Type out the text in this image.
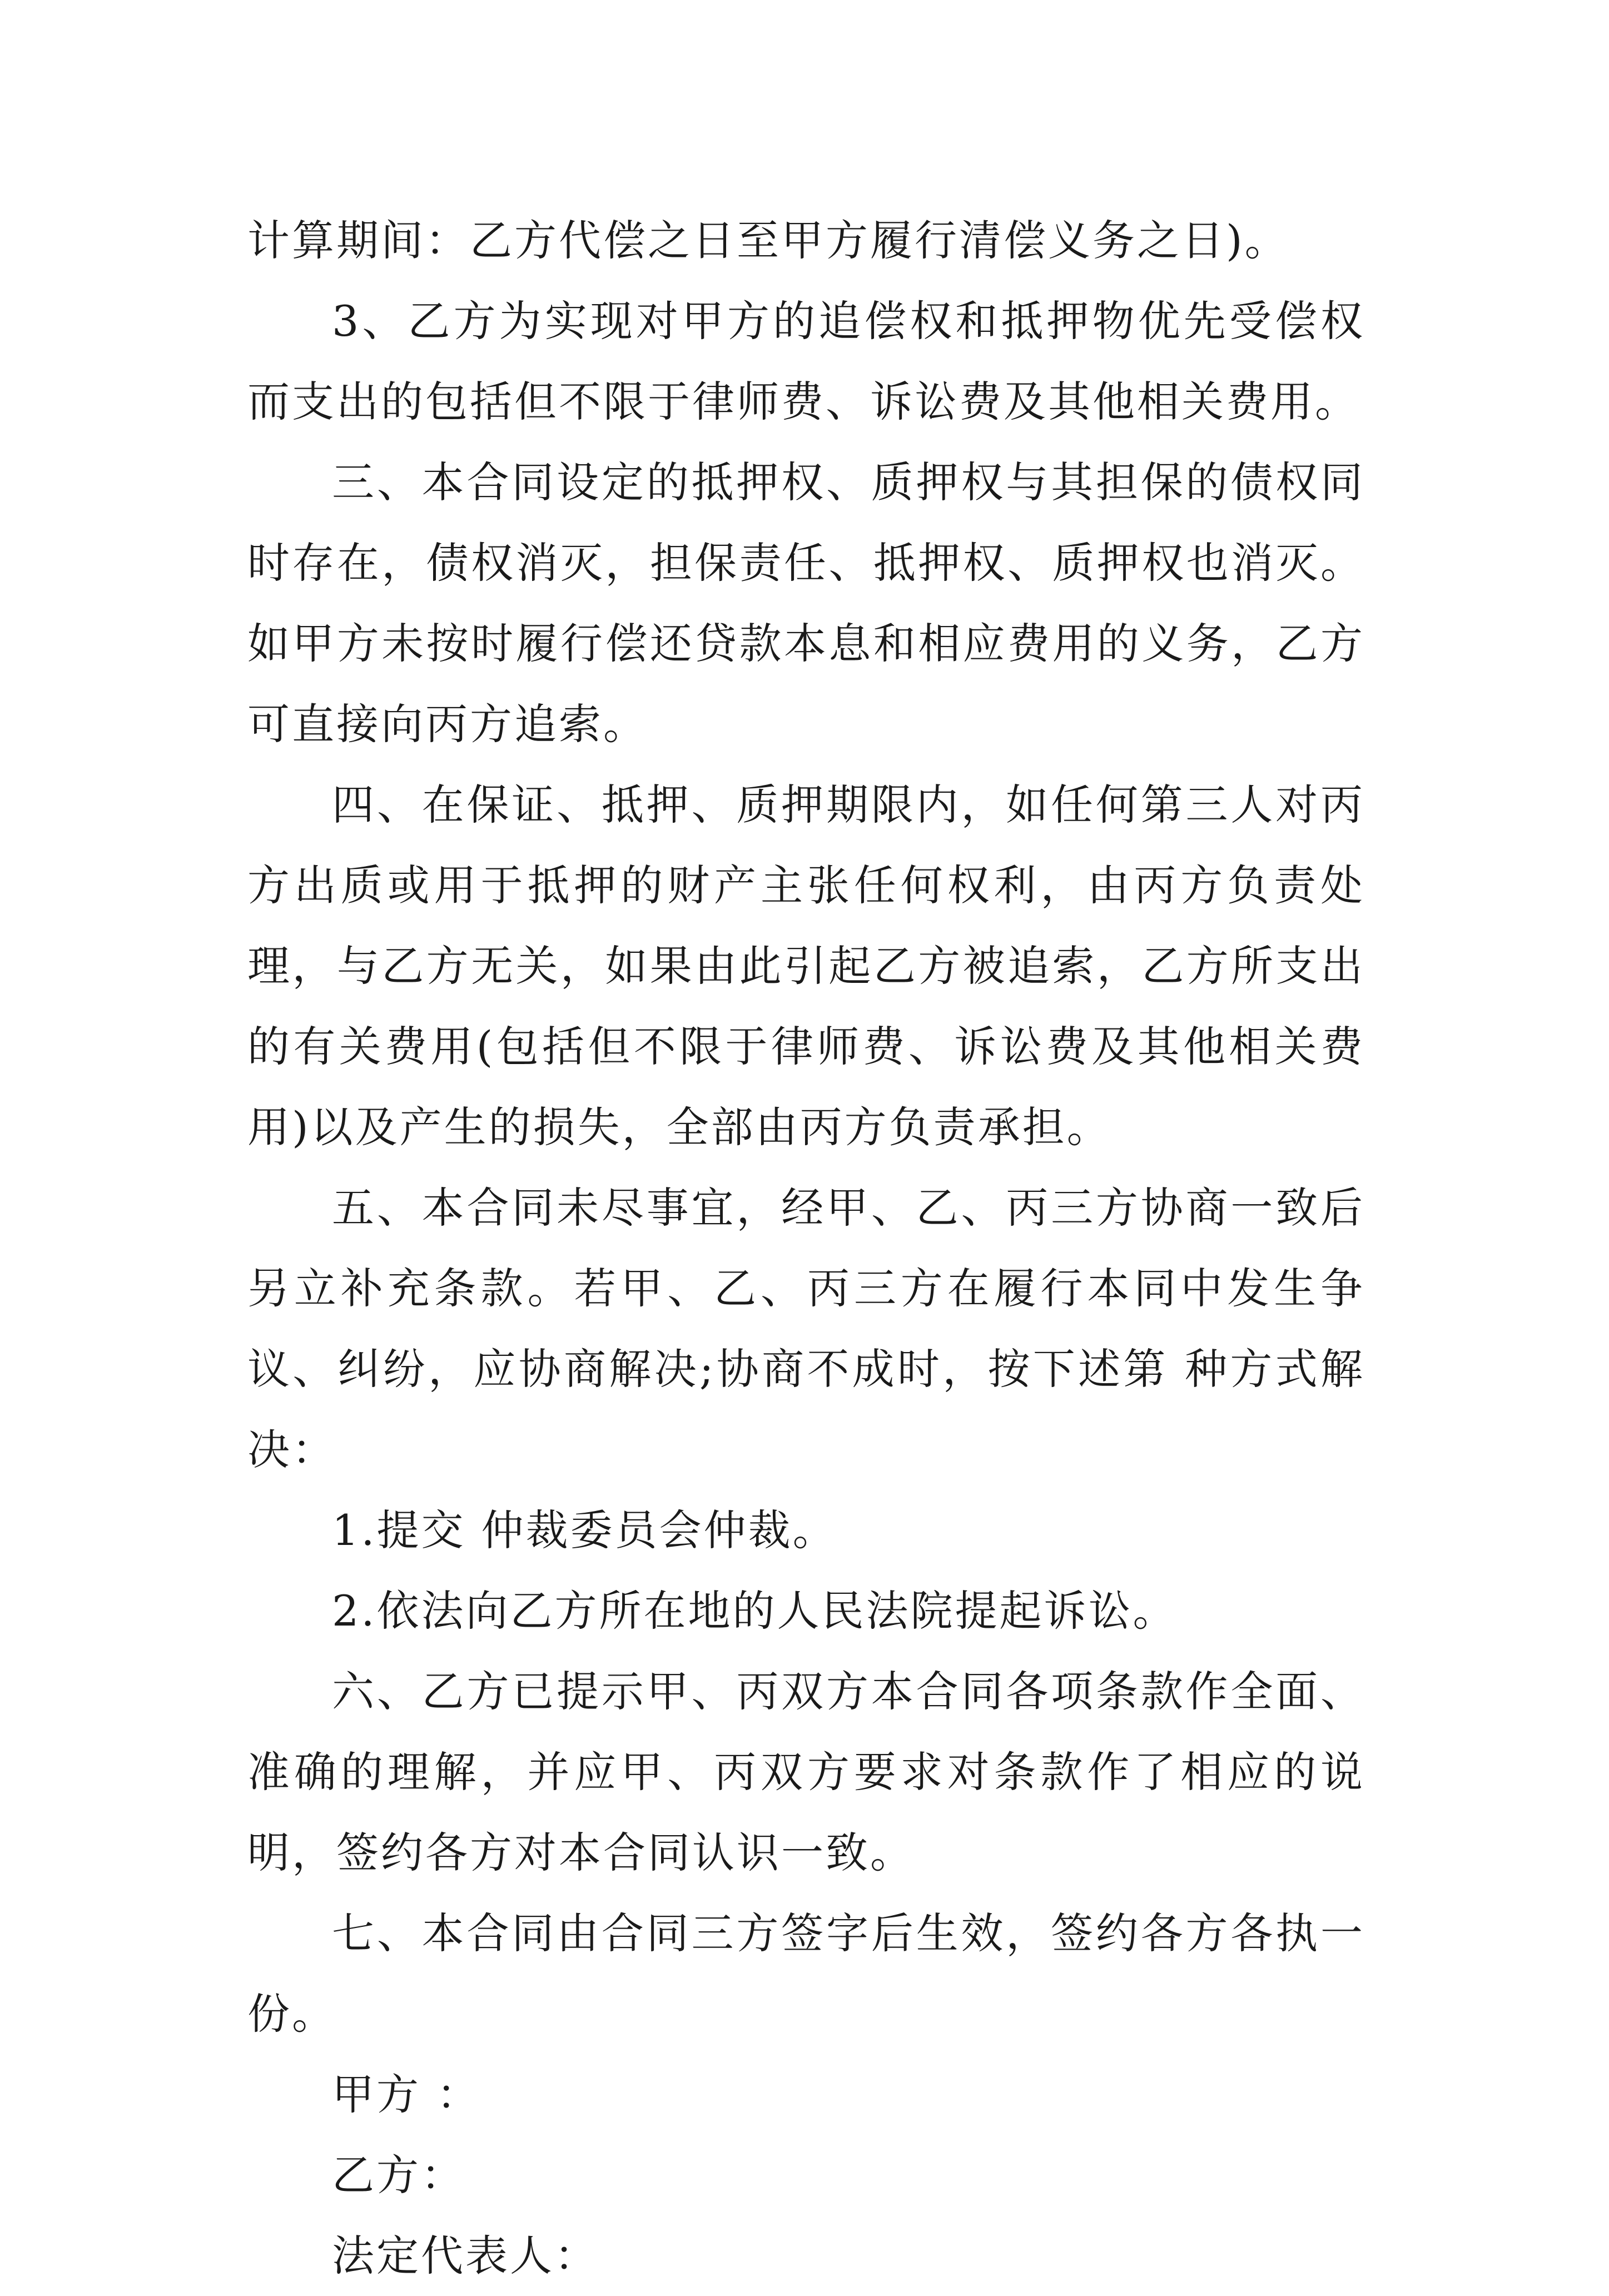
计算期间：乙方代偿之日至甲方履行清偿义务之日)。

3、乙方为实现对甲方的追偿权和抵押物优先受偿权而支出的包括但不限于律师费、诉讼费及其他相关费用。

三、本合同设定的抵押权、质押权与其担保的债权同时存在，债权消灭，担保责任、抵押权、质押权也消灭。如甲方未按时履行偿还贷款本息和相应费用的义务，乙方可直接向丙方追索。

四、在保证、抵押、质押期限内，如任何第三人对丙方出质或用于抵押的财产主张任何权利，由丙方负责处理，与乙方无关，如果由此引起乙方被追索，乙方所支出的有关费用(包括但不限于律师费、诉讼费及其他相关费用)以及产生的损失，全部由丙方负责承担。

五、本合同未尽事宜，经甲、乙、丙三方协商一致后另立补充条款。若甲、乙、丙三方在履行本同中发生争议、纠纷，应协商解决;协商不成时，按下述第 种方式解决：

1.提交 仲裁委员会仲裁。

2.依法向乙方所在地的人民法院提起诉讼。

六、乙方已提示甲、丙双方本合同各项条款作全面、准确的理解，并应甲、丙双方要求对条款作了相应的说明，签约各方对本合同认识一致。

七、本合同由合同三方签字后生效，签约各方各执一份。

甲方 ：

乙方：

法定代表人：
